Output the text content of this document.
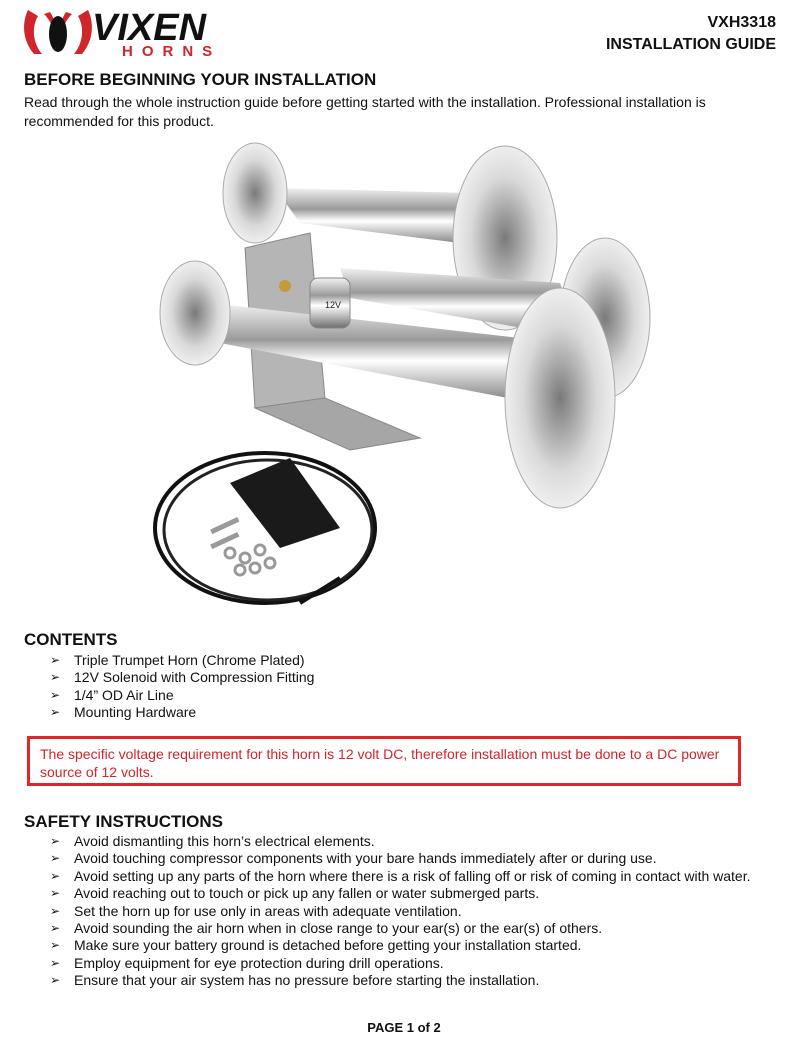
VIXEN
HORNS
VXH3318
INSTALLATION GUIDE
BEFORE BEGINNING YOUR INSTALLATION
Read through the whole instruction guide before getting started with the installation. Professional installation is recommended for this product.
12V
CONTENTS
➢ Triple Trumpet Horn (Chrome Plated)
➢ 12V Solenoid with Compression Fitting
➢ 1/4” OD Air Line
➢ Mounting Hardware
The specific voltage requirement for this horn is 12 volt DC, therefore installation must be done to a DC power source of 12 volts.
SAFETY INSTRUCTIONS
➢ Avoid dismantling this horn’s electrical elements.
➢ Avoid touching compressor components with your bare hands immediately after or during use.
➢ Avoid setting up any parts of the horn where there is a risk of falling off or risk of coming in contact with water.
➢ Avoid reaching out to touch or pick up any fallen or water submerged parts.
➢ Set the horn up for use only in areas with adequate ventilation.
➢ Avoid sounding the air horn when in close range to your ear(s) or the ear(s) of others.
➢ Make sure your battery ground is detached before getting your installation started.
➢ Employ equipment for eye protection during drill operations.
➢ Ensure that your air system has no pressure before starting the installation.
PAGE 1 of 2
